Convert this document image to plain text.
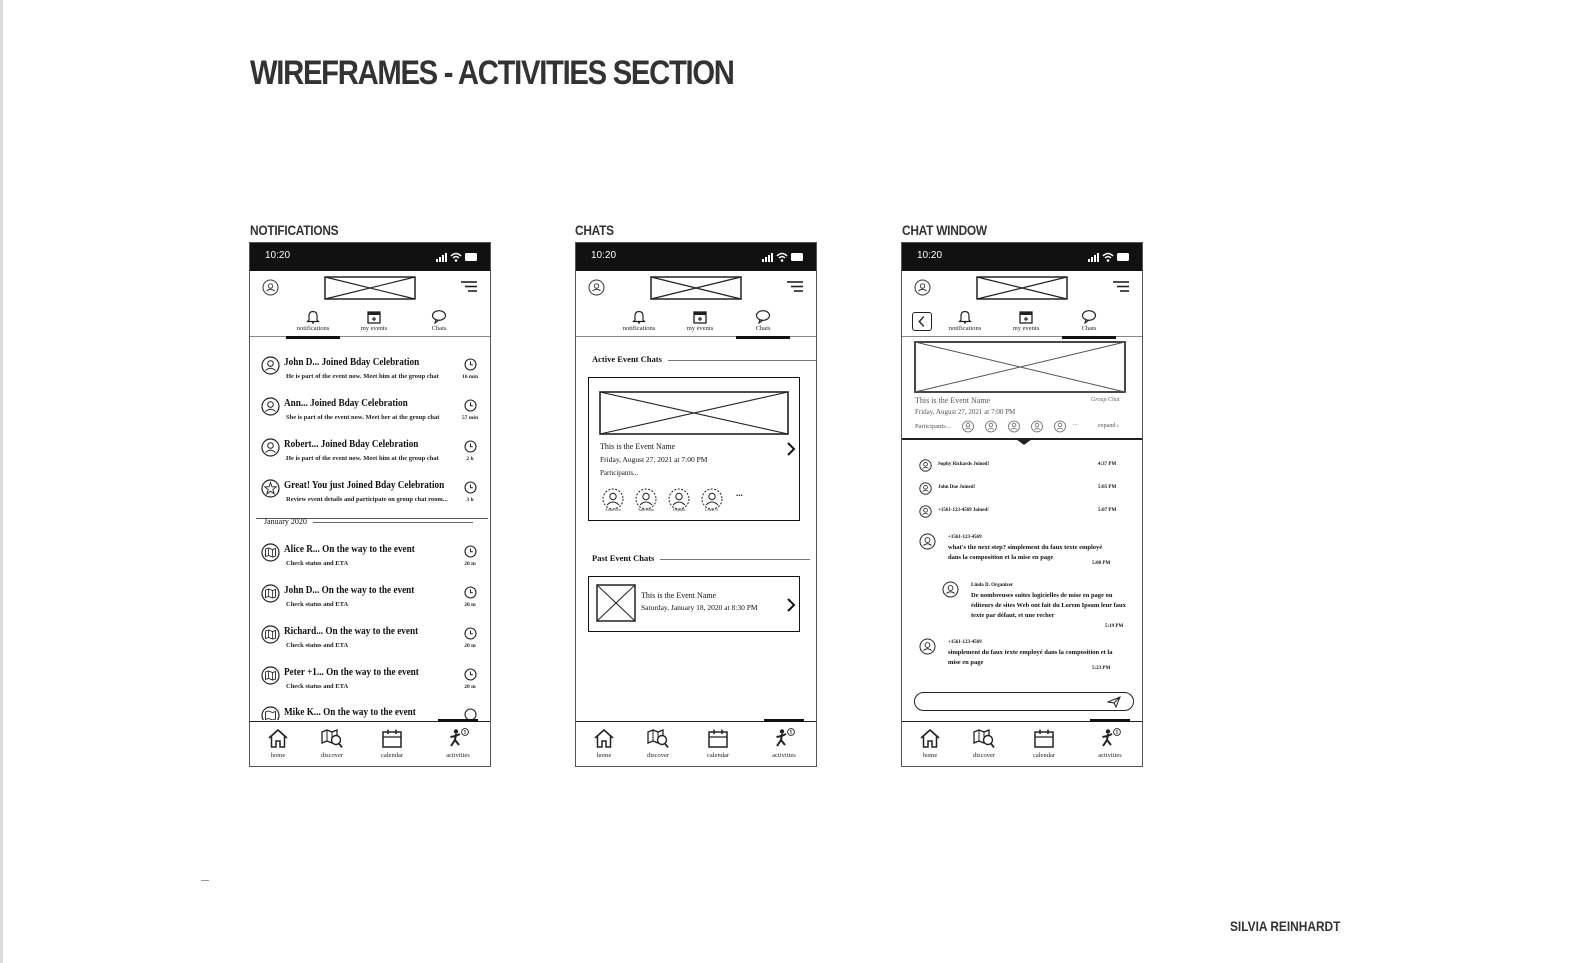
WIREFRAMES - ACTIVITIES SECTION
NOTIFICATIONS	CHATS	CHAT WINDOW
10:20
notifications	my events	Chats
John D... Joined Bday Celebration
He is part of the event now. Meet him at the group chat	16 min
Ann... Joined Bday Celebration
She is part of the event now. Meet her at the group chat	57 min
Robert... Joined Bday Celebration
He is part of the event now. Meet him at the group chat	2 h
Great! You just Joined Bday Celebration
Review event details and participate on group chat room...	3 h
January 2020
Alice R... On the way to the event
Check status and ETA	20 m
John D... On the way to the event
Check status and ETA	20 m
Richard... On the way to the event
Check status and ETA	20 m
Peter +1... On the way to the event
Check status and ETA	20 m
Mike K... On the way to the event
home	discover	calendar
5
activities
10:20
notifications	my events	Chats
Active Event Chats
This is the Event Name
Friday, August 27, 2021 at 7:00 PM
Participants...
Anna Doe	Sam Bam	Stephen	Linda D.
...
Past Event Chats
This is the Event Name
Saturday, January 18, 2020 at 8:30 PM
home	discover	calendar
5
activities
10:20
notifications	my events	Chats
This is the Event Name	Group Chat
Friday, August 27, 2021 at 7:00 PM
Participants...	...	expand ›
Sophy Richards Joined!	4:37 PM
John Doe Joined!	5:05 PM
+1561-123-4569 Joined!	5:07 PM
+1561-123-4569
what's the next step? simplement du faux texte employé dans la composition et la mise en page
5:08 PM
Linda D. Organizer
De nombreuses suites logicielles de mise en page ou éditeurs de sites Web ont fait du Lorem Ipsum leur faux texte par défaut, et une recher
5:19 PM
+1561-123-4569
simplement du faux texte employé dans la composition et la mise en page
5:23 PM
home	discover	calendar
5
activities
SILVIA REINHARDT
